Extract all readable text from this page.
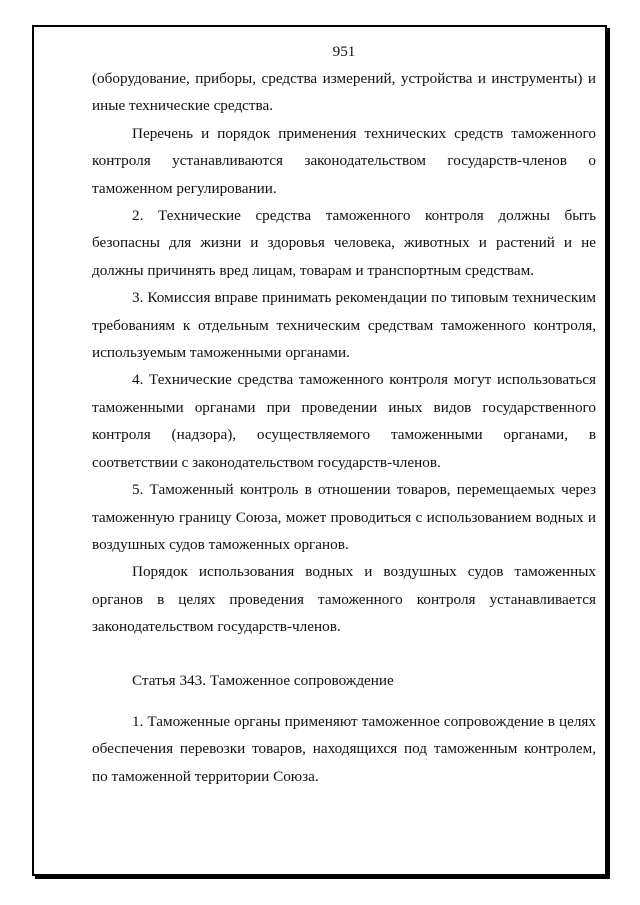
951

(оборудование, приборы, средства измерений, устройства и инструменты) и иные технические средства.

Перечень и порядок применения технических средств таможенного контроля устанавливаются законодательством государств-членов о таможенном регулировании.

2. Технические средства таможенного контроля должны быть безопасны для жизни и здоровья человека, животных и растений и не должны причинять вред лицам, товарам и транспортным средствам.

3. Комиссия вправе принимать рекомендации по типовым техническим требованиям к отдельным техническим средствам таможенного контроля, используемым таможенными органами.

4. Технические средства таможенного контроля могут использоваться таможенными органами при проведении иных видов государственного контроля (надзора), осуществляемого таможенными органами, в соответствии с законодательством государств-членов.

5. Таможенный контроль в отношении товаров, перемещаемых через таможенную границу Союза, может проводиться с использованием водных и воздушных судов таможенных органов.

Порядок использования водных и воздушных судов таможенных органов в целях проведения таможенного контроля устанавливается законодательством государств-членов.

Статья 343. Таможенное сопровождение

1. Таможенные органы применяют таможенное сопровождение в целях обеспечения перевозки товаров, находящихся под таможенным контролем, по таможенной территории Союза.
